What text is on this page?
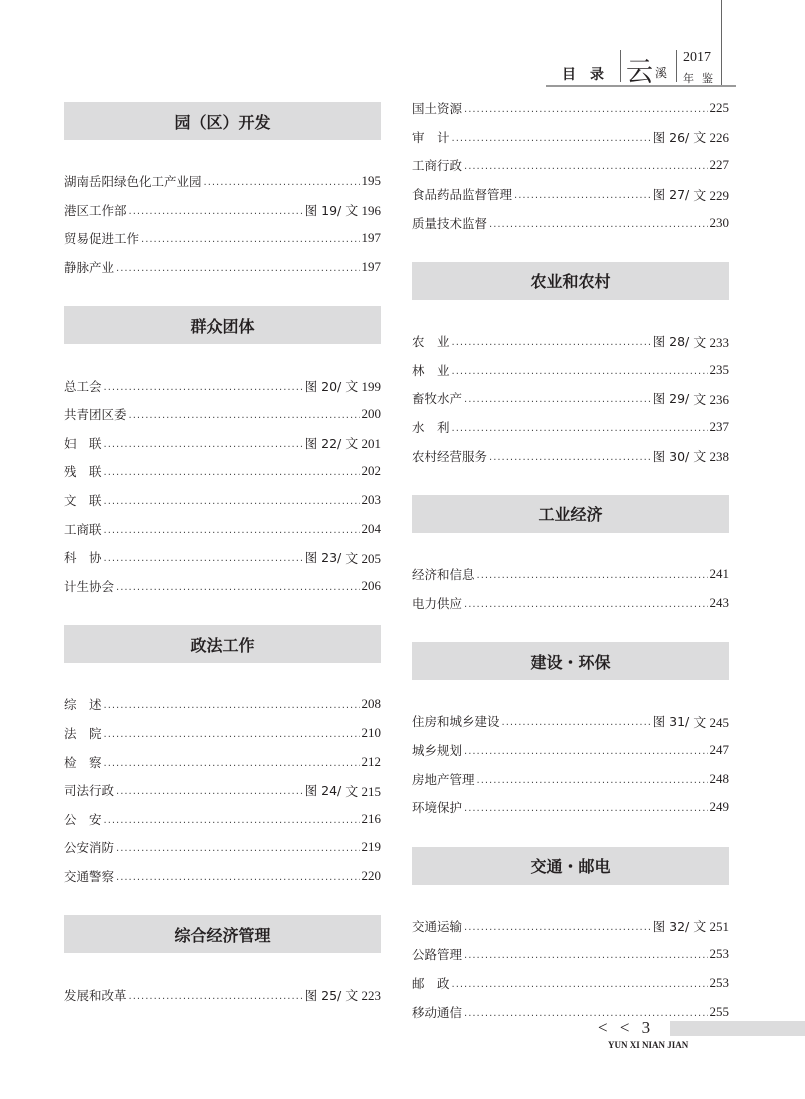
目录 云 溪
2017
年鉴
园（区）开发
湖南岳阳绿色化工产业园 .....	195
港区工作部 .....	图 19/ 文 196
贸易促进工作 .....	197
静脉产业 .....	197
群众团体
总工会 .....	图 20/ 文 199
共青团区委 .....	200
妇　联 .....	图 22/ 文 201
残　联 .....	202
文　联 .....	203
工商联 .....	204
科　协 .....	图 23/ 文 205
计生协会 .....	206
政法工作
综　述 .....	208
法　院 .....	210
检　察 .....	212
司法行政 .....	图 24/ 文 215
公　安 .....	216
公安消防 .....	219
交通警察 .....	220
综合经济管理
发展和改革 .....	图 25/ 文 223
国土资源 .....	225
审　计 .....	图 26/ 文 226
工商行政 .....	227
食品药品监督管理 .....	图 27/ 文 229
质量技术监督 .....	230
农业和农村
农　业 .....	图 28/ 文 233
林　业 .....	235
畜牧水产 .....	图 29/ 文 236
水　利 .....	237
农村经营服务 .....	图 30/ 文 238
工业经济
经济和信息 .....	241
电力供应 .....	243
建设・环保
住房和城乡建设 .....	图 31/ 文 245
城乡规划 .....	247
房地产管理 .....	248
环境保护 .....	249
交通・邮电
交通运输 .....	图 32/ 文 251
公路管理 .....	253
邮　政 .....	253
移动通信 .....	255
< < 3
YUN XI NIAN JIAN
